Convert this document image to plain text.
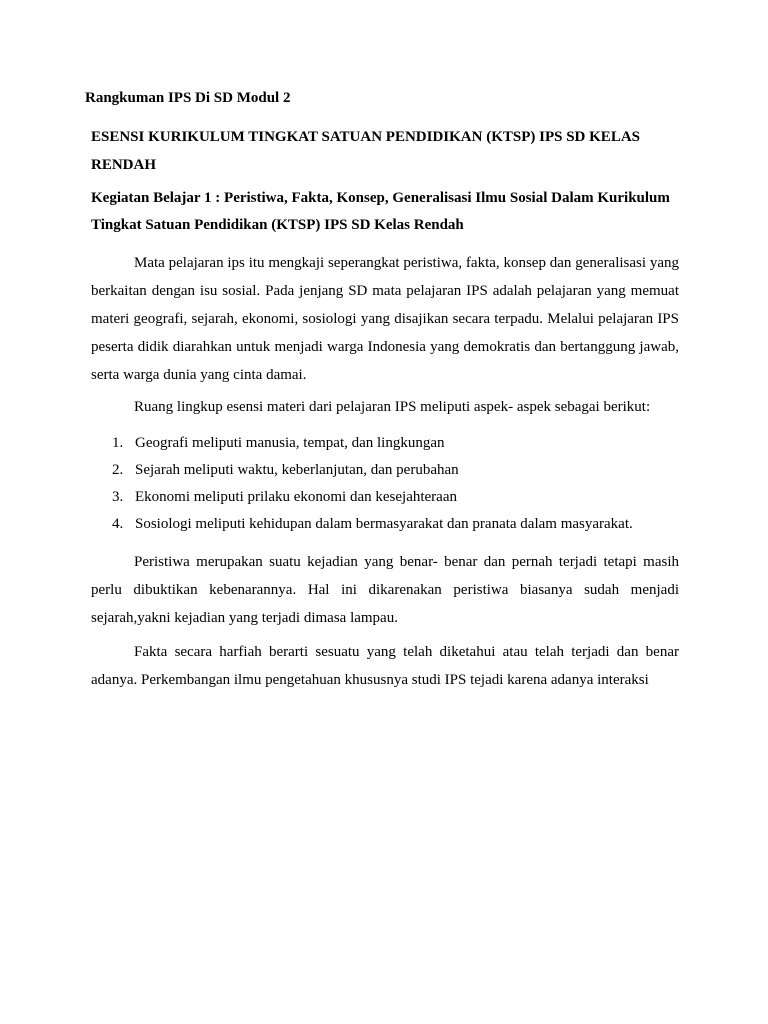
Rangkuman IPS Di SD Modul 2

ESENSI KURIKULUM TINGKAT SATUAN PENDIDIKAN (KTSP) IPS SD KELAS RENDAH

Kegiatan Belajar 1 : Peristiwa, Fakta, Konsep, Generalisasi Ilmu Sosial Dalam Kurikulum Tingkat Satuan Pendidikan (KTSP) IPS SD Kelas Rendah

Mata pelajaran ips itu mengkaji seperangkat peristiwa, fakta, konsep dan generalisasi yang berkaitan dengan isu sosial. Pada jenjang SD mata pelajaran IPS adalah pelajaran yang memuat materi geografi, sejarah, ekonomi, sosiologi yang disajikan secara terpadu. Melalui pelajaran IPS peserta didik diarahkan untuk menjadi warga Indonesia yang demokratis dan bertanggung jawab, serta warga dunia yang cinta damai.

Ruang lingkup esensi materi dari pelajaran IPS meliputi aspek- aspek sebagai berikut:

1. Geografi meliputi manusia, tempat, dan lingkungan
2. Sejarah meliputi waktu, keberlanjutan, dan perubahan
3. Ekonomi meliputi prilaku ekonomi dan kesejahteraan
4. Sosiologi meliputi kehidupan dalam bermasyarakat dan pranata dalam masyarakat.

Peristiwa merupakan suatu kejadian yang benar- benar dan pernah terjadi tetapi masih perlu dibuktikan kebenarannya. Hal ini dikarenakan peristiwa biasanya sudah menjadi sejarah,yakni kejadian yang terjadi dimasa lampau.

Fakta secara harfiah berarti sesuatu yang telah diketahui atau telah terjadi dan benar adanya. Perkembangan ilmu pengetahuan khususnya studi IPS tejadi karena adanya interaksi
